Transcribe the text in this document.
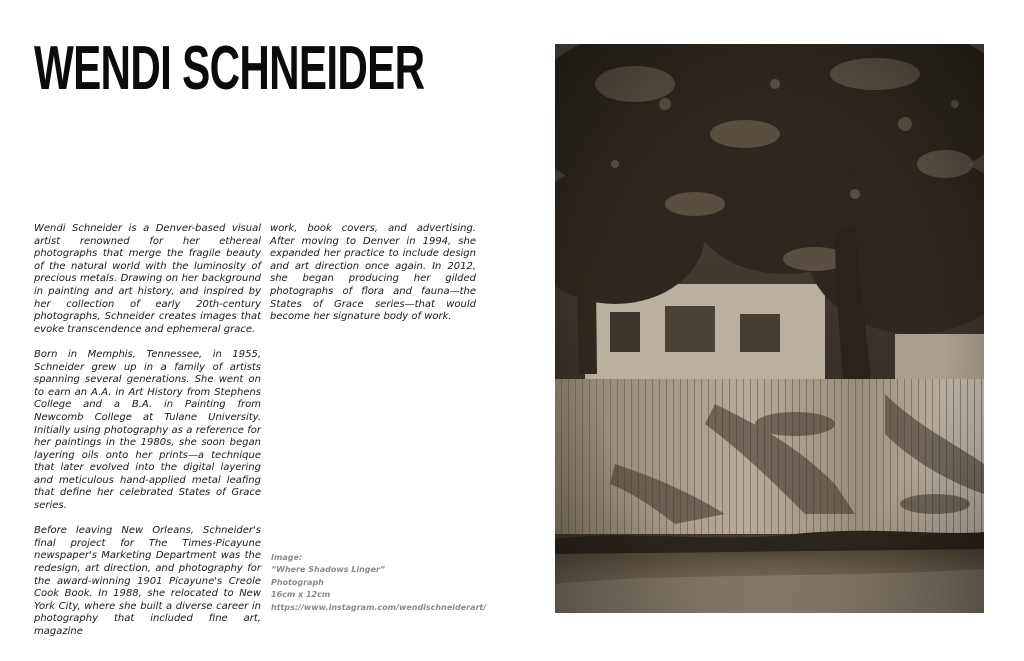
WENDI SCHNEIDER

Wendi Schneider is a Denver-based visual artist renowned for her ethereal photographs that merge the fragile beauty of the natural world with the luminosity of precious metals. Drawing on her background in painting and art history, and inspired by her collection of early 20th-century photographs, Schneider creates images that evoke transcendence and ephemeral grace.

Born in Memphis, Tennessee, in 1955, Schneider grew up in a family of artists spanning several generations. She went on to earn an A.A. in Art History from Stephens College and a B.A. in Painting from Newcomb College at Tulane University. Initially using photography as a reference for her paintings in the 1980s, she soon began layering oils onto her prints—a technique that later evolved into the digital layering and meticulous hand-applied metal leafing that define her celebrated States of Grace series.

Before leaving New Orleans, Schneider's final project for The Times-Picayune newspaper's Marketing Department was the redesign, art direction, and photography for the award-winning 1901 Picayune's Creole Cook Book. In 1988, she relocated to New York City, where she built a diverse career in photography that included fine art, magazine

work, book covers, and advertising. After moving to Denver in 1994, she expanded her practice to include design and art direction once again. In 2012, she began producing her gilded photographs of flora and fauna—the States of Grace series—that would become her signature body of work.

Image:
“Where Shadows Linger”
Photograph
16cm x 12cm
https://www.instagram.com/wendischneiderart/
